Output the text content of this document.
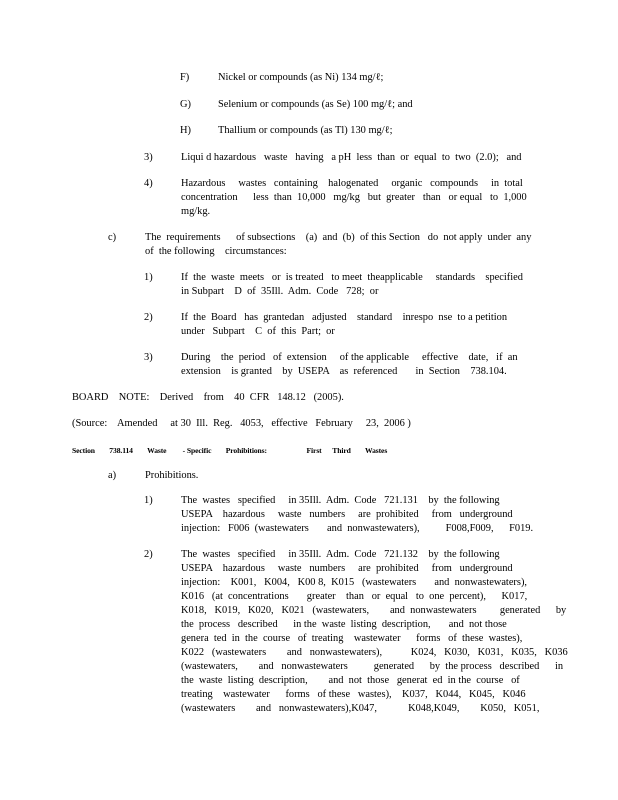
F)	Nickel or compounds (as Ni) 134 mg/ℓ;
G)	Selenium or compounds (as Se) 100 mg/ℓ; and
H)	Thallium or compounds (as Tl) 130 mg/ℓ;
3)	Liqui d hazardous   waste   having   a pH  less  than  or  equal  to  two  (2.0);   and
4)	Hazardous     wastes   containing    halogenated     organic   compounds     in  total
concentration      less  than  10,000   mg/kg   but  greater   than   or equal   to  1,000
mg/kg.
c)	The  requirements      of subsections    (a)  and  (b)  of this Section   do  not apply  under  any
of  the following    circumstances:
1)	If  the  waste  meets   or  is treated   to meet  theapplicable     standards    specified
in Subpart    D  of  35Ill.  Adm.  Code   728;  or
2)	If  the  Board   has  grantedan   adjusted    standard    inrespo  nse  to a petition
under   Subpart    C  of  this  Part;  or
3)	During    the  period   of  extension     of the applicable     effective    date,   if  an
extension    is granted    by  USEPA    as  referenced       in  Section    738.104.
BOARD    NOTE:    Derived    from    40  CFR   148.12   (2005).
(Source:    Amended     at 30  Ill.  Reg.   4053,   effective   February     23,  2006 )
Section        738.114        Waste         - Specific        Prohibitions:                      First      Third        Wastes
a)	Prohibitions.
1)	The  wastes   specified     in 35Ill.  Adm.  Code   721.131    by  the following
USEPA    hazardous     waste   numbers     are  prohibited     from   underground
injection:   F006  (wastewaters       and  nonwastewaters),          F008,F009,      F019.
2)	The  wastes   specified     in 35Ill.  Adm.  Code   721.132    by  the following
USEPA    hazardous     waste   numbers     are  prohibited     from   underground
injection:    K001,   K004,   K00 8,  K015   (wastewaters       and  nonwastewaters),
K016   (at  concentrations       greater    than   or  equal   to  one  percent),      K017,
K018,   K019,   K020,   K021   (wastewaters,        and  nonwastewaters         generated      by
the  process   described      in the  waste  listing  description,       and  not those
genera  ted  in  the  course   of  treating    wastewater      forms   of  these  wastes),
K022   (wastewaters        and   nonwastewaters),           K024,   K030,   K031,   K035,   K036
(wastewaters,        and   nonwastewaters          generated      by  the process   described      in
the  waste  listing  description,        and  not  those   generat  ed  in the  course   of
treating    wastewater      forms   of these   wastes),    K037,   K044,   K045,   K046
(wastewaters        and   nonwastewaters),K047,            K048,K049,        K050,   K051,
